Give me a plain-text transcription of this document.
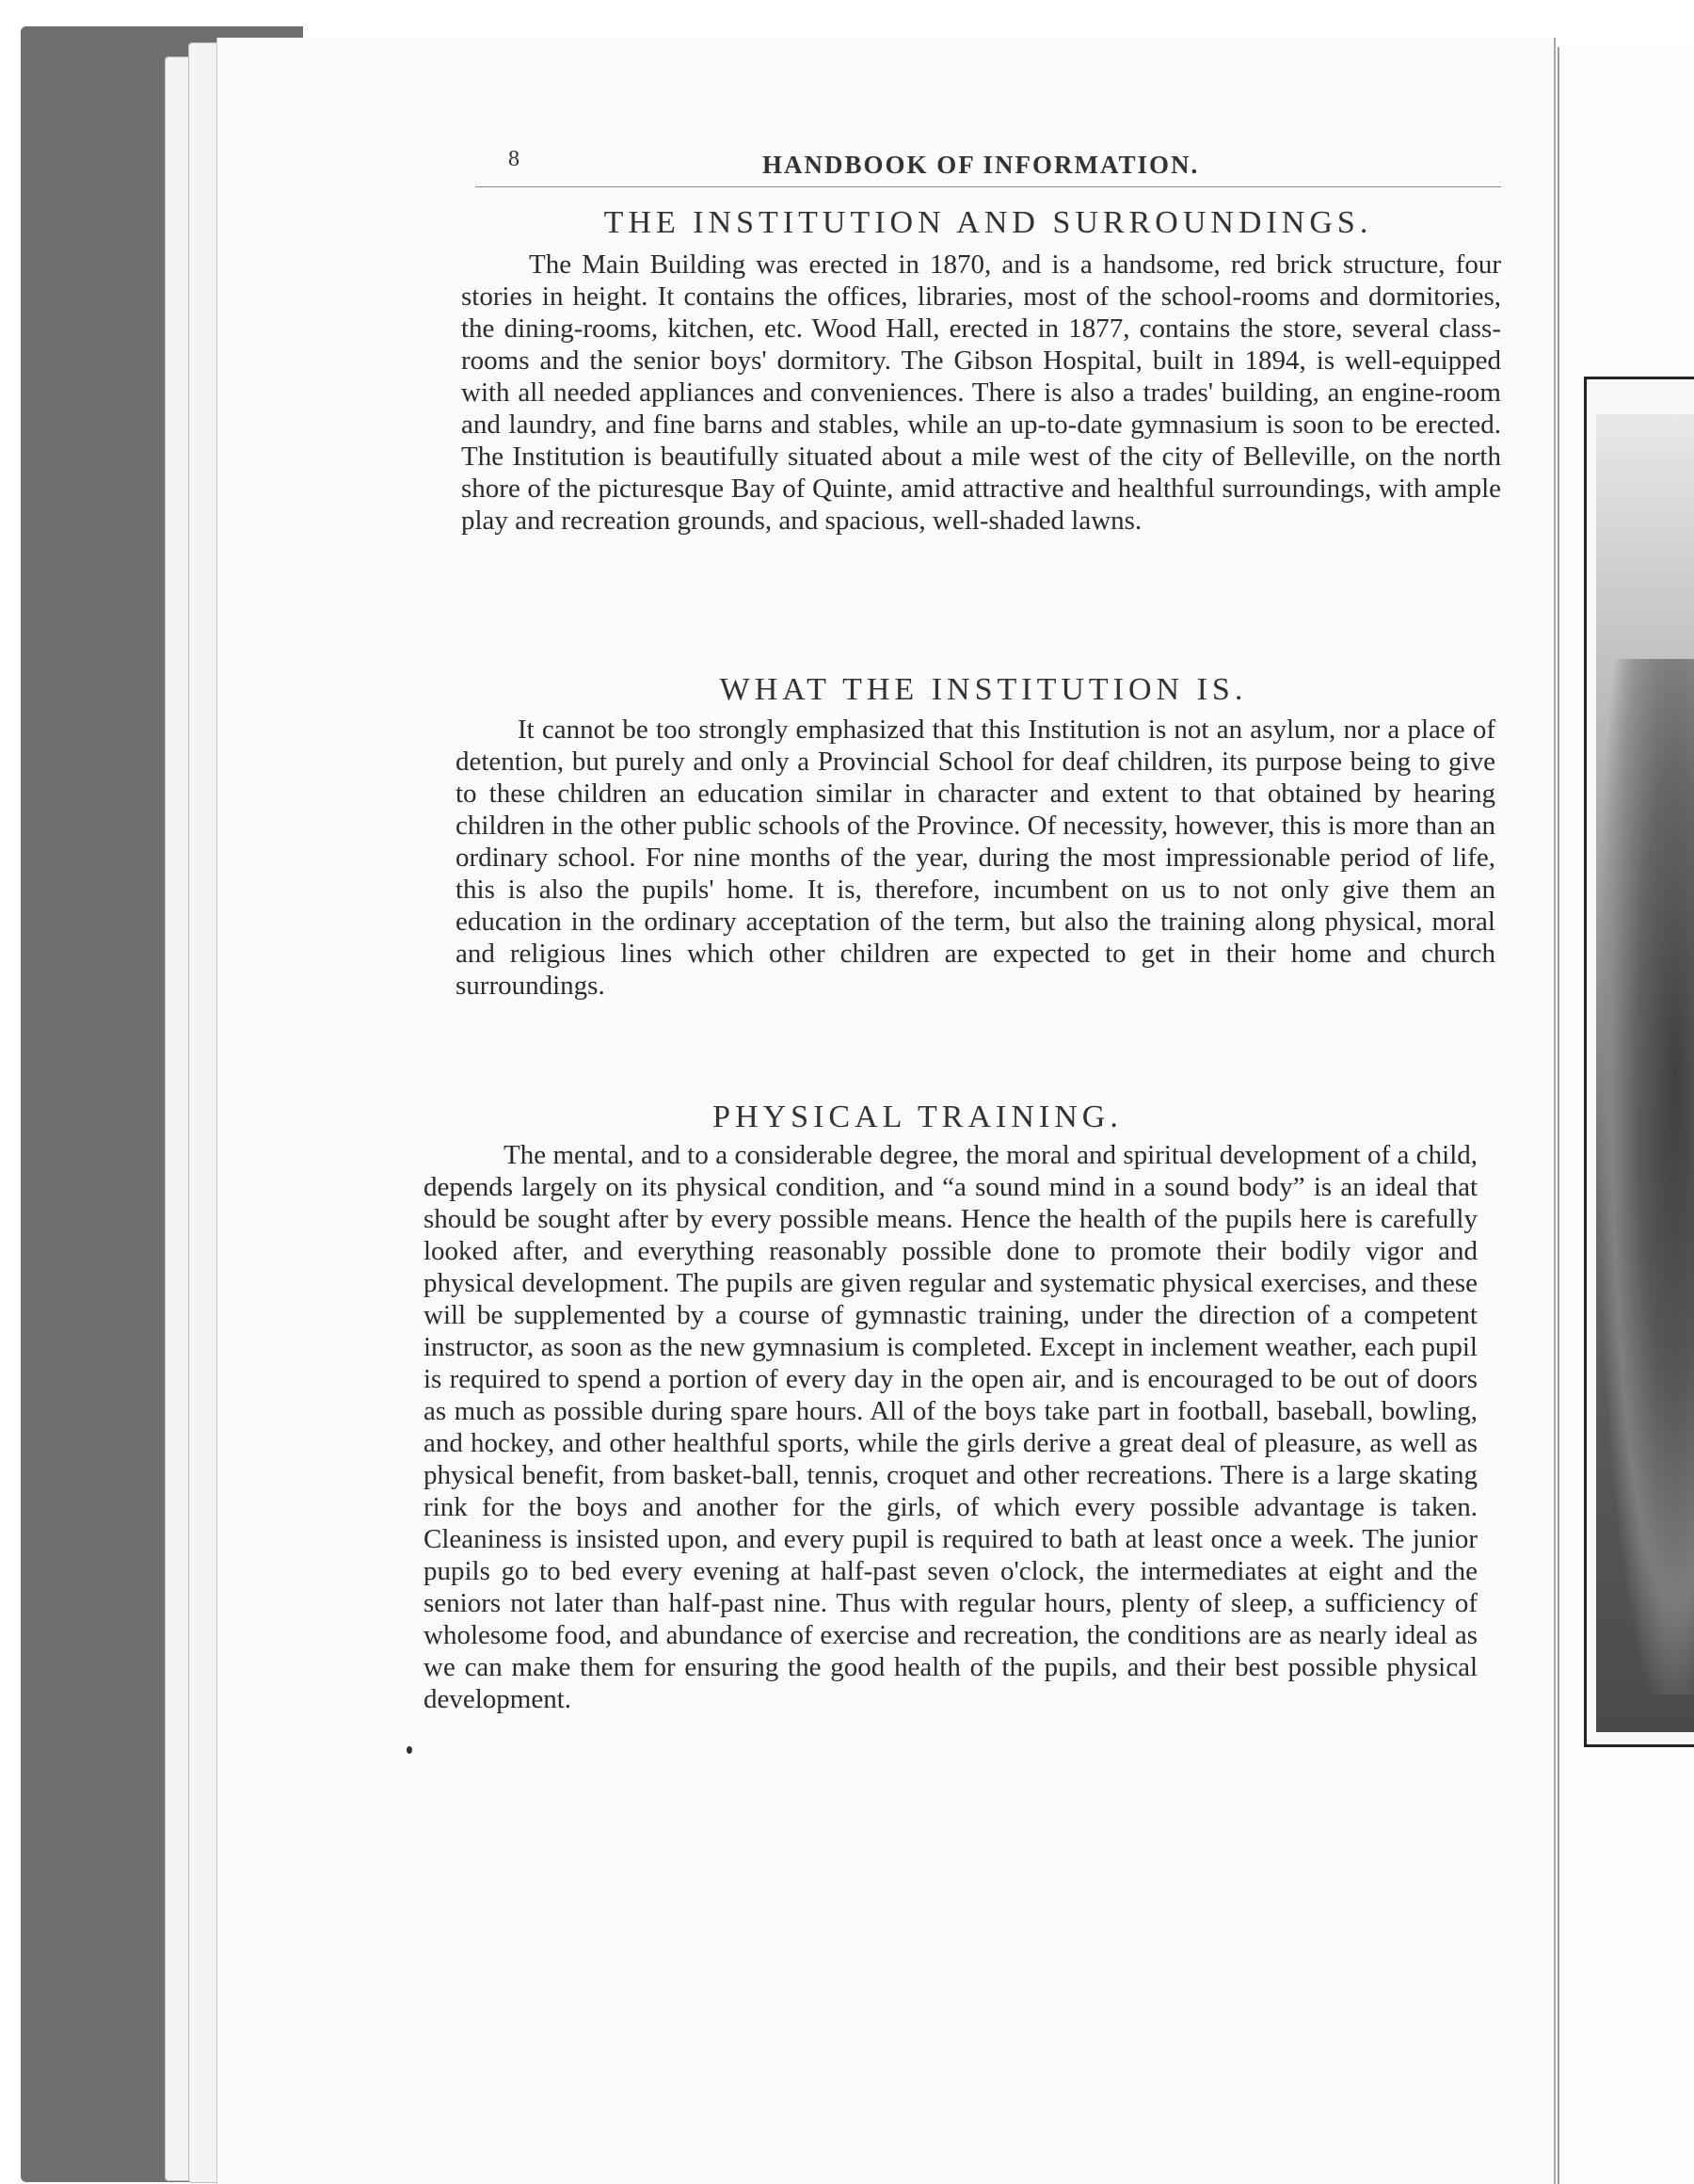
8	HANDBOOK OF INFORMATION.
THE INSTITUTION AND SURROUNDINGS.
The Main Building was erected in 1870, and is a handsome, red brick structure, four stories in height. It contains the offices, libraries, most of the school-rooms and dormitories, the dining-rooms, kitchen, etc. Wood Hall, erected in 1877, contains the store, several class-rooms and the senior boys' dormitory. The Gibson Hospital, built in 1894, is well-equipped with all needed appliances and conveniences. There is also a trades' building, an engine-room and laundry, and fine barns and stables, while an up-to-date gymnasium is soon to be erected. The Institution is beautifully situated about a mile west of the city of Belleville, on the north shore of the picturesque Bay of Quinte, amid attractive and healthful surroundings, with ample play and recreation grounds, and spacious, well-shaded lawns.
WHAT THE INSTITUTION IS.
It cannot be too strongly emphasized that this Institution is not an asylum, nor a place of detention, but purely and only a Provincial School for deaf children, its purpose being to give to these children an education similar in character and extent to that obtained by hearing children in the other public schools of the Province. Of necessity, however, this is more than an ordinary school. For nine months of the year, during the most impressionable period of life, this is also the pupils' home. It is, therefore, incumbent on us to not only give them an education in the ordinary acceptation of the term, but also the training along physical, moral and religious lines which other children are expected to get in their home and church surroundings.
PHYSICAL TRAINING.
The mental, and to a considerable degree, the moral and spiritual development of a child, depends largely on its physical condition, and “a sound mind in a sound body” is an ideal that should be sought after by every possible means. Hence the health of the pupils here is carefully looked after, and everything reasonably possible done to promote their bodily vigor and physical development. The pupils are given regular and systematic physical exercises, and these will be supplemented by a course of gymnastic training, under the direction of a competent instructor, as soon as the new gymnasium is completed. Except in inclement weather, each pupil is required to spend a portion of every day in the open air, and is encouraged to be out of doors as much as possible during spare hours. All of the boys take part in football, baseball, bowling, and hockey, and other healthful sports, while the girls derive a great deal of pleasure, as well as physical benefit, from basket-ball, tennis, croquet and other recreations. There is a large skating rink for the boys and another for the girls, of which every possible advantage is taken. Cleaniness is insisted upon, and every pupil is required to bath at least once a week. The junior pupils go to bed every evening at half-past seven o'clock, the intermediates at eight and the seniors not later than half-past nine. Thus with regular hours, plenty of sleep, a sufficiency of wholesome food, and abundance of exercise and recreation, the conditions are as nearly ideal as we can make them for ensuring the good health of the pupils, and their best possible physical development.
